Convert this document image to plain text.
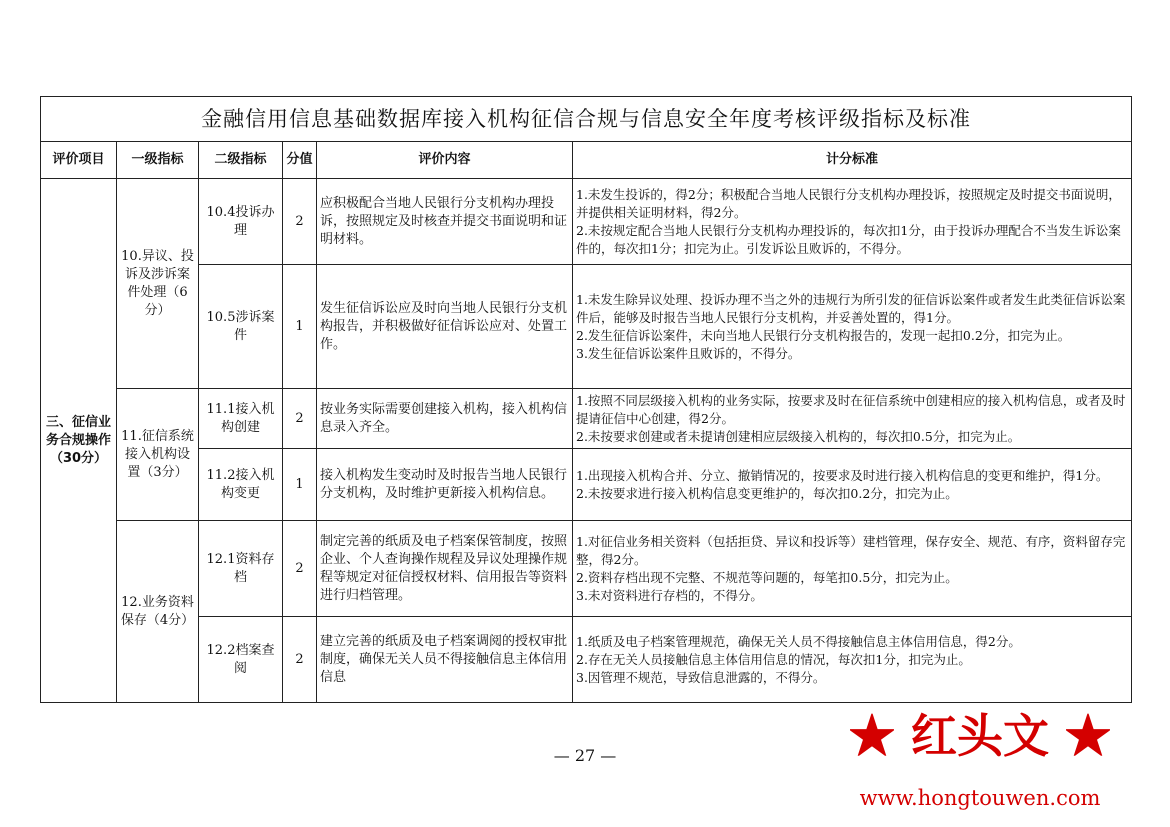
金融信用信息基础数据库接入机构征信合规与信息安全年度考核评级指标及标准					
评价项目	一级指标	二级指标	分值	评价内容	计分标准
三、征信业务合规操作（30分）	10.异议、投诉及涉诉案件处理（6分）	10.4投诉办理	2	应积极配合当地人民银行分支机构办理投诉，按照规定及时核查并提交书面说明和证明材料。	1.未发生投诉的，得2分；积极配合当地人民银行分支机构办理投诉，按照规定及时提交书面说明，并提供相关证明材料，得2分。
2.未按规定配合当地人民银行分支机构办理投诉的，每次扣1分，由于投诉办理配合不当发生诉讼案件的，每次扣1分；扣完为止。引发诉讼且败诉的，不得分。

		10.5涉诉案件	1	发生征信诉讼应及时向当地人民银行分支机构报告，并积极做好征信诉讼应对、处置工作。	1.未发生除异议处理、投诉办理不当之外的违规行为所引发的征信诉讼案件或者发生此类征信诉讼案件后，能够及时报告当地人民银行分支机构，并妥善处置的，得1分。
2.发生征信诉讼案件，未向当地人民银行分支机构报告的，发现一起扣0.2分，扣完为止。
3.发生征信诉讼案件且败诉的，不得分。

	11.征信系统接入机构设置（3分）	11.1接入机构创建	2	按业务实际需要创建接入机构，接入机构信息录入齐全。	1.按照不同层级接入机构的业务实际，按要求及时在征信系统中创建相应的接入机构信息，或者及时提请征信中心创建，得2分。
2.未按要求创建或者未提请创建相应层级接入机构的，每次扣0.5分，扣完为止。

		11.2接入机构变更	1	接入机构发生变动时及时报告当地人民银行分支机构，及时维护更新接入机构信息。	1.出现接入机构合并、分立、撤销情况的，按要求及时进行接入机构信息的变更和维护，得1分。
2.未按要求进行接入机构信息变更维护的，每次扣0.2分，扣完为止。

	12.业务资料保存（4分）	12.1资料存档	2	制定完善的纸质及电子档案保管制度，按照企业、个人查询操作规程及异议处理操作规程等规定对征信授权材料、信用报告等资料进行归档管理。	1.对征信业务相关资料（包括拒贷、异议和投诉等）建档管理，保存安全、规范、有序，资料留存完整，得2分。
2.资料存档出现不完整、不规范等问题的，每笔扣0.5分，扣完为止。
3.未对资料进行存档的，不得分。

		12.2档案查阅	2	建立完善的纸质及电子档案调阅的授权审批制度，确保无关人员不得接触信息主体信用信息	1.纸质及电子档案管理规范，确保无关人员不得接触信息主体信用信息，得2分。
2.存在无关人员接触信息主体信用信息的情况，每次扣1分，扣完为止。
3.因管理不规范，导致信息泄露的，不得分。
— 27 —	★ 红头文 ★
www.hongtouwen.com
